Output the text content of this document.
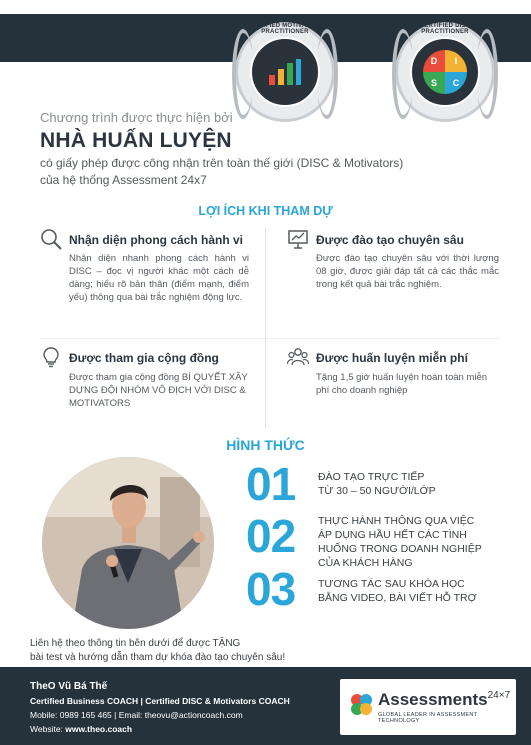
CERTIFIED MOTIVATORS PRACTITIONER
CERTIFIED DISC PRACTITIONER
D	I
S	C
Chương trình được thực hiện bởi
NHÀ HUẤN LUYỆN
có giấy phép được công nhận trên toàn thế giới (DISC & Motivators)
của hệ thống Assessment 24x7
LỢI ÍCH KHI THAM DỰ
Nhận diện phong cách hành vi
Nhận diện nhanh phong cách hành vi DISC – đọc vị người khác một cách dễ dàng; hiểu rõ bản thân (điểm mạnh, điểm yếu) thông qua bài trắc nghiệm động lực.
Được đào tạo chuyên sâu
Được đào tạo chuyên sâu với thời lượng 08 giờ, được giải đáp tất cả các thắc mắc trong kết quả bài trắc nghiệm.
Được tham gia cộng đồng
Được tham gia cộng đồng BÍ QUYẾT XÂY DỰNG ĐỘI NHÓM VÔ ĐỊCH VỚI DISC & MOTIVATORS
Được huấn luyện miễn phí
Tặng 1,5 giờ huấn luyện hoàn toàn miễn phí cho doanh nghiệp
HÌNH THỨC
01 ĐÀO TẠO TRỰC TIẾP
TỪ 30 – 50 NGƯỜI/LỚP
02 THỰC HÀNH THÔNG QUA VIỆC
ÁP DỤNG HẦU HẾT CÁC TÌNH
HUỐNG TRONG DOANH NGHIỆP
CỦA KHÁCH HÀNG
03 TƯƠNG TÁC SAU KHÓA HỌC
BẰNG VIDEO, BÀI VIẾT HỖ TRỢ
Liên hệ theo thông tin bên dưới để được TẶNG
bài test và hướng dẫn tham dự khóa đào tạo chuyên sâu!
TheO Vũ Bá Thế
Certified Business COACH | Certified DISC & Motivators COACH
Mobile: 0989 165 465 | Email: theovu@actioncoach.com
Website: www.theo.coach
Assessments$^{24\times 7}$
GLOBAL LEADER IN ASSESSMENT TECHNOLOGY
